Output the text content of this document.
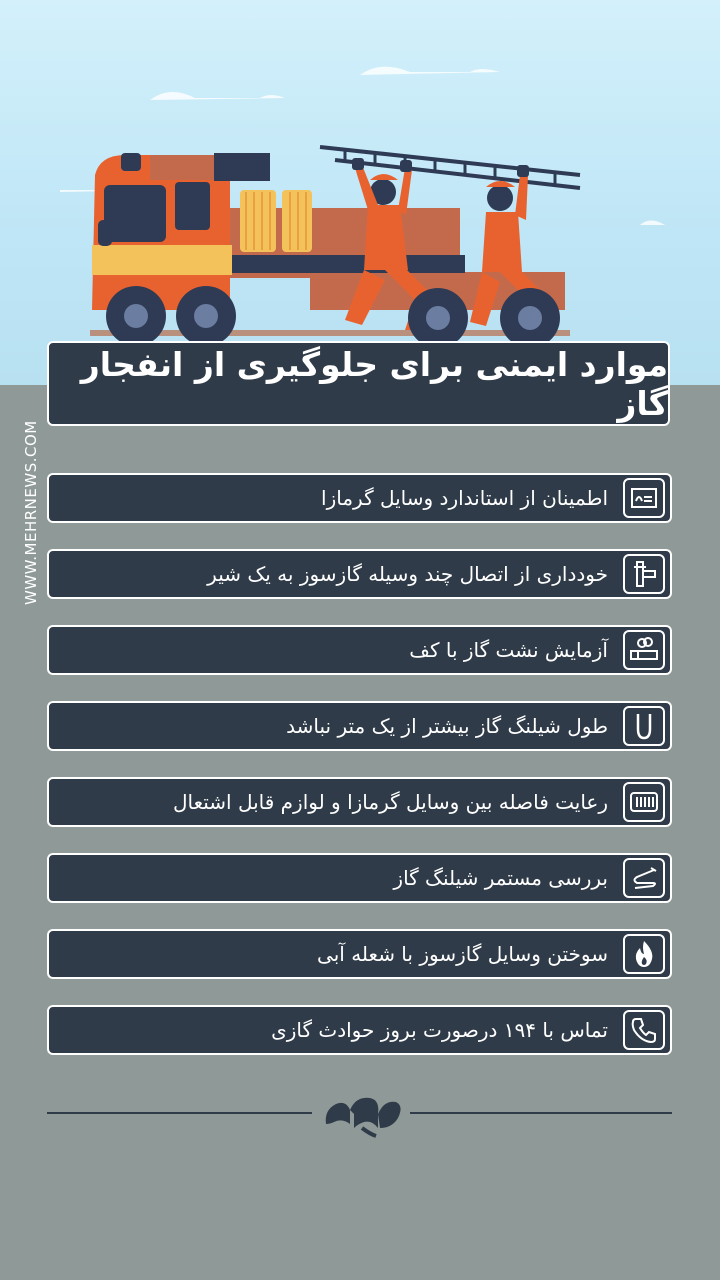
موارد ایمنی برای جلوگیری از انفجار گاز
WWW.MEHRNEWS.COM	اطمینان از استاندارد وسایل گرمازا
خودداری از اتصال چند وسیله گازسوز به یک شیر
آزمایش نشت گاز با کف
طول شیلنگ گاز بیشتر از یک متر نباشد
رعایت فاصله بین وسایل گرمازا و لوازم قابل اشتعال
بررسی مستمر شیلنگ گاز
سوختن وسایل گازسوز با شعله آبی
تماس با ۱۹۴ درصورت بروز حوادث گازی
